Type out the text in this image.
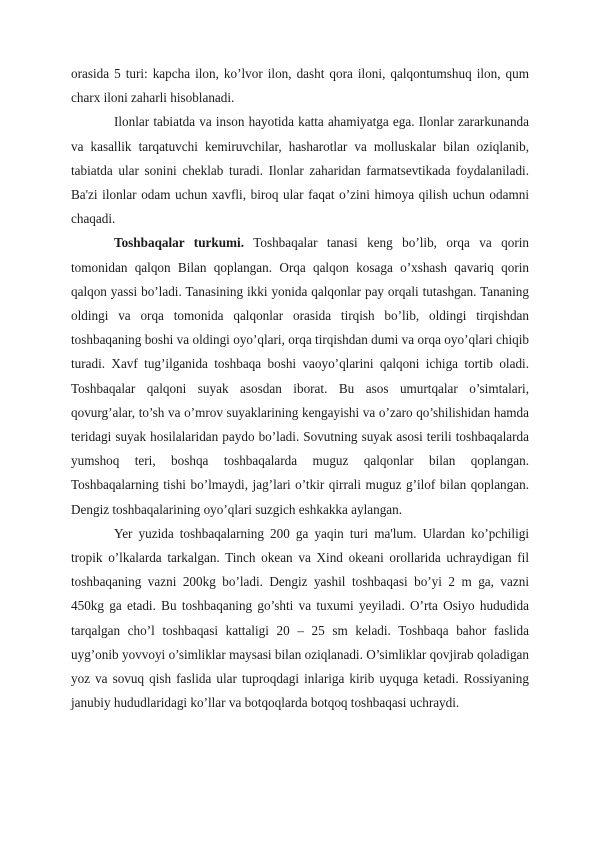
orasida 5 turi: kapcha ilon, ko’lvor ilon, dasht qora iloni, qalqontumshuq ilon, qum charx iloni zaharli hisoblanadi.

Ilonlar tabiatda va inson hayotida katta ahamiyatga ega. Ilonlar zararkunanda va kasallik tarqatuvchi kemiruvchilar, hasharotlar va molluskalar bilan oziqlanib, tabiatda ular sonini cheklab turadi. Ilonlar zaharidan farmatsevtikada foydalaniladi. Ba'zi ilonlar odam uchun xavfli, biroq ular faqat o’zini himoya qilish uchun odamni chaqadi.

Toshbaqalar turkumi. Toshbaqalar tanasi keng bo’lib, orqa va qorin tomonidan qalqon Bilan qoplangan. Orqa qalqon kosaga o’xshash qavariq qorin qalqon yassi bo’ladi. Tanasining ikki yonida qalqonlar pay orqali tutashgan. Tananing oldingi va orqa tomonida qalqonlar orasida tirqish bo’lib, oldingi tirqishdan toshbaqaning boshi va oldingi oyo’qlari, orqa tirqishdan dumi va orqa oyo’qlari chiqib turadi. Xavf tug’ilganida toshbaqa boshi vaoyo’qlarini qalqoni ichiga tortib oladi. Toshbaqalar qalqoni suyak asosdan iborat. Bu asos umurtqalar o’simtalari, qovurg’alar, to’sh va o’mrov suyaklarining kengayishi va o’zaro qo’shilishidan hamda teridagi suyak hosilalaridan paydo bo’ladi. Sovutning suyak asosi terili toshbaqalarda yumshoq teri, boshqa toshbaqalarda muguz qalqonlar bilan qoplangan. Toshbaqalarning tishi bo’lmaydi, jag’lari o’tkir qirrali muguz g’ilof bilan qoplangan. Dengiz toshbaqalarining oyo’qlari suzgich eshkakka aylangan.

Yer yuzida toshbaqalarning 200 ga yaqin turi ma'lum. Ulardan ko’pchiligi tropik o’lkalarda tarkalgan. Tinch okean va Xind okeani orollarida uchraydigan fil toshbaqaning vazni 200kg bo’ladi. Dengiz yashil toshbaqasi bo’yi 2 m ga, vazni 450kg ga etadi. Bu toshbaqaning go’shti va tuxumi yeyiladi. O’rta Osiyo hududida tarqalgan cho’l toshbaqasi kattaligi 20 – 25 sm keladi. Toshbaqa bahor faslida uyg’onib yovvoyi o’simliklar maysasi bilan oziqlanadi. O’simliklar qovjirab qoladigan yoz va sovuq qish faslida ular tuproqdagi inlariga kirib uyquga ketadi. Rossiyaning janubiy hududlaridagi ko’llar va botqoqlarda botqoq toshbaqasi uchraydi.
